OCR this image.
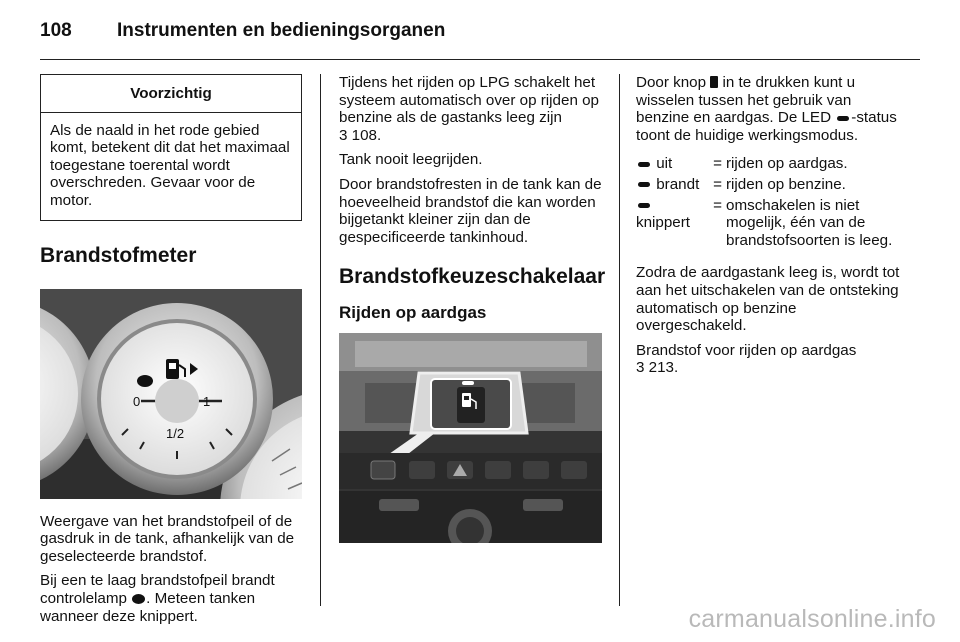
108 Instrumenten en bedieningsorganen
Voorzichtig
Als de naald in het rode gebied komt, betekent dit dat het maximaal toegestane toerental wordt overschreden. Gevaar voor de motor.
Brandstofmeter
0	1
1/2

Weergave van het brandstofpeil of de gasdruk in de tank, afhankelijk van de geselecteerde brandstof.

Bij een te laag brandstofpeil brandt controlelamp . Meteen tanken wanneer deze knippert.

Tijdens het rijden op LPG schakelt het systeem automatisch over op rijden op benzine als de gastanks leeg zijn

3 108.

Tank nooit leegrijden.

Door brandstofresten in de tank kan de hoeveelheid brandstof die kan worden bijgetankt kleiner zijn dan de gespecificeerde tankinhoud.

Brandstofkeuzeschakelaar
Rijden op aardgas

Door knop  in te drukken kunt u wisselen tussen het gebruik van benzine en aardgas. De LED -status toont de huidige werkingsmodus.

uit	=	rijden op aardgas.
brandt	=	rijden op benzine.
knippert	=	omschakelen is niet mogelijk, één van de brandstofsoorten is leeg.

Zodra de aardgastank leeg is, wordt tot aan het uitschakelen van de ontsteking automatisch op benzine overgeschakeld.

Brandstof voor rijden op aardgas

3 213.

carmanualsonline.info
